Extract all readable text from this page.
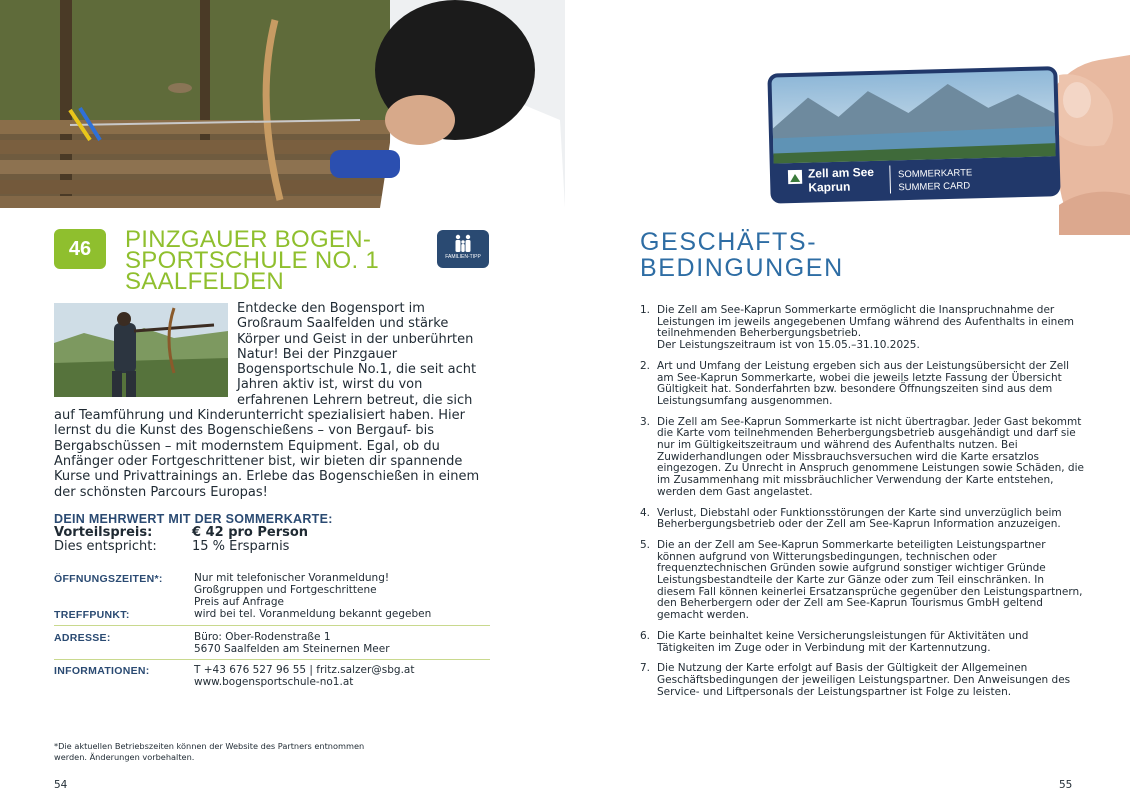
46	PINZGAUER BOGEN-SPORTSCHULE NO. 1 SAALFELDEN
FAMILIEN-TIPP
Entdecke den Bogensport im Großraum Saalfelden und stärke Körper und Geist in der unberührten Natur! Bei der Pinzgauer Bogensportschule No.1, die seit acht Jahren aktiv ist, wirst du von erfahrenen Lehrern betreut, die sich auf Teamführung und Kinderunterricht spezialisiert haben. Hier lernst du die Kunst des Bogenschießens – von Bergauf- bis Bergabschüssen – mit modernstem Equipment. Egal, ob du Anfänger oder Fortgeschrittener bist, wir bieten dir spannende Kurse und Privattrainings an. Erlebe das Bogenschießen in einem der schönsten Parcours Europas!
DEIN MEHRWERT MIT DER SOMMERKARTE:
Vorteilspreis:	€ 42 pro Person
Dies entspricht:	15 % Ersparnis
ÖFFNUNGSZEITEN*:	Nur mit telefonischer Voranmeldung!
Großgruppen und Fortgeschrittene
Preis auf Anfrage
TREFFPUNKT:	wird bei tel. Voranmeldung bekannt gegeben
ADRESSE:	Büro: Ober-Rodenstraße 1
5670 Saalfelden am Steinernen Meer
INFORMATIONEN:	T +43 676 527 96 55 | fritz.salzer@sbg.at
www.bogensportschule-no1.at
*Die aktuellen Betriebszeiten können der Website des Partners entnommen werden. Änderungen vorbehalten.
54
Zell am See
Kaprun
SOMMERKARTE
SUMMER CARD
GESCHÄFTS-
BEDINGUNGEN
1. Die Zell am See-Kaprun Sommerkarte ermöglicht die Inanspruchnahme der Leistungen im jeweils angegebenen Umfang während des Aufenthalts in einem teilnehmenden Beherbergungsbetrieb.
Der Leistungszeitraum ist von 15.05.–31.10.2025.
2. Art und Umfang der Leistung ergeben sich aus der Leistungsübersicht der Zell am See-Kaprun Sommerkarte, wobei die jeweils letzte Fassung der Übersicht Gültigkeit hat. Sonderfahrten bzw. besondere Öffnungszeiten sind aus dem Leistungsumfang ausgenommen.
3. Die Zell am See-Kaprun Sommerkarte ist nicht übertragbar. Jeder Gast bekommt die Karte vom teilnehmenden Beherbergungsbetrieb ausgehändigt und darf sie nur im Gültigkeitszeitraum und während des Aufenthalts nutzen. Bei Zuwiderhandlungen oder Missbrauchsversuchen wird die Karte ersatzlos eingezogen. Zu Unrecht in Anspruch genommene Leistungen sowie Schäden, die im Zusammenhang mit missbräuchlicher Verwendung der Karte entstehen, werden dem Gast angelastet.
4. Verlust, Diebstahl oder Funktionsstörungen der Karte sind unverzüglich beim Beherbergungsbetrieb oder der Zell am See-Kaprun Information anzuzeigen.
5. Die an der Zell am See-Kaprun Sommerkarte beteiligten Leistungspartner können aufgrund von Witterungsbedingungen, technischen oder frequenztechnischen Gründen sowie aufgrund sonstiger wichtiger Gründe Leistungsbestandteile der Karte zur Gänze oder zum Teil einschränken. In diesem Fall können keinerlei Ersatzansprüche gegenüber den Leistungspartnern, den Beherbergern oder der Zell am See-Kaprun Tourismus GmbH geltend gemacht werden.
6. Die Karte beinhaltet keine Versicherungsleistungen für Aktivitäten und Tätigkeiten im Zuge oder in Verbindung mit der Kartennutzung.
7. Die Nutzung der Karte erfolgt auf Basis der Gültigkeit der Allgemeinen Geschäftsbedingungen der jeweiligen Leistungspartner. Den Anweisungen des Service- und Liftpersonals der Leistungspartner ist Folge zu leisten.
55
